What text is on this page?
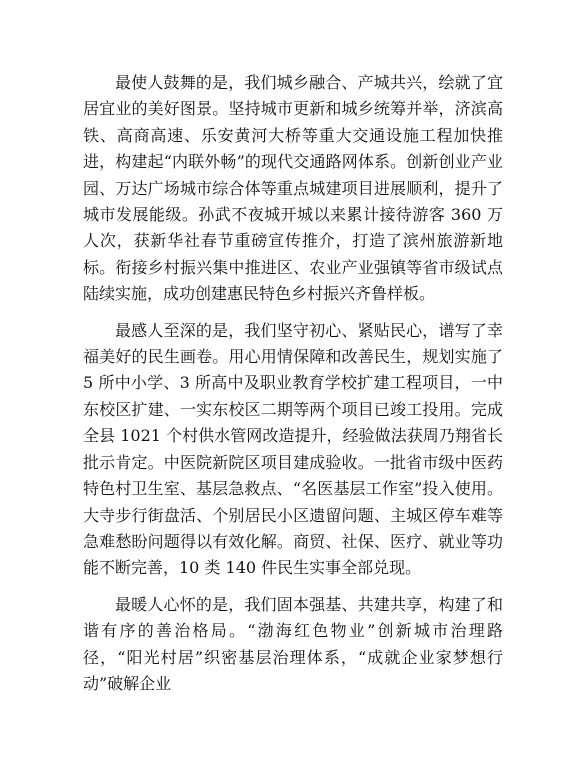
最使人鼓舞的是，我们城乡融合、产城共兴，绘就了宜居宜业的美好图景。坚持城市更新和城乡统筹并举，济滨高铁、高商高速、乐安黄河大桥等重大交通设施工程加快推进，构建起“内联外畅”的现代交通路网体系。创新创业产业园、万达广场城市综合体等重点城建项目进展顺利，提升了城市发展能级。孙武不夜城开城以来累计接待游客 360 万人次，获新华社春节重磅宣传推介，打造了滨州旅游新地标。衔接乡村振兴集中推进区、农业产业强镇等省市级试点陆续实施，成功创建惠民特色乡村振兴齐鲁样板。

最感人至深的是，我们坚守初心、紧贴民心，谱写了幸福美好的民生画卷。用心用情保障和改善民生，规划实施了 5 所中小学、3 所高中及职业教育学校扩建工程项目，一中东校区扩建、一实东校区二期等两个项目已竣工投用。完成全县 1021 个村供水管网改造提升，经验做法获周乃翔省长批示肯定。中医院新院区项目建成验收。一批省市级中医药特色村卫生室、基层急救点、“名医基层工作室”投入使用。大寺步行街盘活、个别居民小区遗留问题、主城区停车难等急难愁盼问题得以有效化解。商贸、社保、医疗、就业等功能不断完善，10 类 140 件民生实事全部兑现。

最暖人心怀的是，我们固本强基、共建共享，构建了和谐有序的善治格局。“渤海红色物业”创新城市治理路径，“阳光村居”织密基层治理体系，“成就企业家梦想行动”破解企业
